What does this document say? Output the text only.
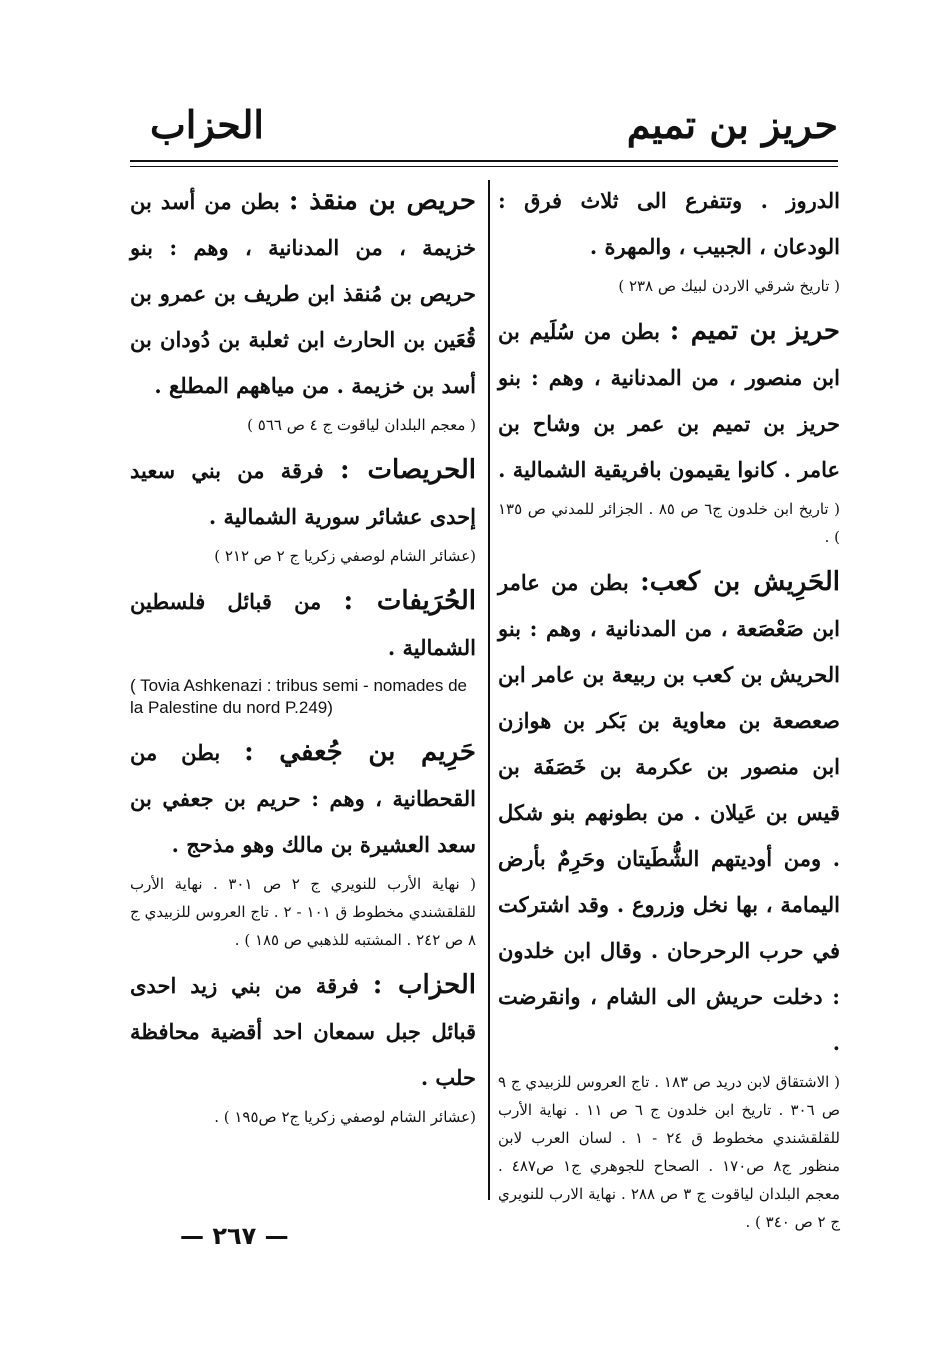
حريز بن تميم
الحزاب

الدروز . وتتفرع الى ثلاث فرق : الودعان ، الجبيب ، والمهرة .

( تاريخ شرقي الاردن لبيك ص ٢٣٨ )

حريز بن تميم : بطن من سُلَيم بن ابن منصور ، من المدنانية ، وهم : بنو حريز بن تميم بن عمر بن وشاح بن عامر . كانوا يقيمون بافريقية الشمالية .

( تاريخ ابن خلدون ج٦ ص ٨٥ . الجزائر للمدني ص ١٣٥ ) .

الحَرِيش بن كعب: بطن من عامر ابن صَعْصَعة ، من المدنانية ، وهم : بنو الحريش بن كعب بن ربيعة بن عامر ابن صعصعة بن معاوية بن بَكر بن هوازن ابن منصور بن عكرمة بن خَصَفَة بن قيس بن عَيلان . من بطونهم بنو شكل . ومن أوديتهم الشُّطَيتان وحَرِمٌ بأرض اليمامة ، بها نخل وزروع . وقد اشتركت في حرب الرحرحان . وقال ابن خلدون : دخلت حريش الى الشام ، وانقرضت .

( الاشتقاق لابن دريد ص ١٨٣ . تاج العروس للزبيدي ج ٩ ص ٣٠٦ . تاريخ ابن خلدون ج ٦ ص ١١ . نهاية الأرب للقلقشندي مخطوط ق ٢٤ - ١ . لسان العرب لابن منظور ج٨ ص١٧٠ . الصحاح للجوهري ج١ ص٤٨٧ . معجم البلدان لياقوت ج ٣ ص ٢٨٨ . نهاية الارب للنويري ج ٢ ص ٣٤٠ ) .

حريص بن منقذ : بطن من أسد بن خزيمة ، من المدنانية ، وهم : بنو حريص بن مُنقذ ابن طريف بن عمرو بن قُعَين بن الحارث ابن ثعلبة بن دُودان بن أسد بن خزيمة . من مياههم المطلع .

( معجم البلدان لياقوت ج ٤ ص ٥٦٦ )

الحريصات : فرقة من بني سعيد إحدى عشائر سورية الشمالية .

(عشائر الشام لوصفي زكريا ج ٢ ص ٢١٢ )

الحُرَيفات : من قبائل فلسطين الشمالية .

( Tovia Ashkenazi : tribus semi - nomades de la Palestine du nord P.249)

حَرِيم بن جُعفي : بطن من القحطانية ، وهم : حريم بن جعفي بن سعد العشيرة بن مالك وهو مذحج .

( نهاية الأرب للنويري ج ٢ ص ٣٠١ . نهاية الأرب للقلقشندي مخطوط ق ١٠١ - ٢ . تاج العروس للزبيدي ج ٨ ص ٢٤٢ . المشتبه للذهبي ص ١٨٥ ) .

الحزاب : فرقة من بني زيد احدى قبائل جبل سمعان احد أقضية محافظة حلب .

(عشائر الشام لوصفي زكريا ج٢ ص١٩٥ ) .

— ٢٦٧ —
